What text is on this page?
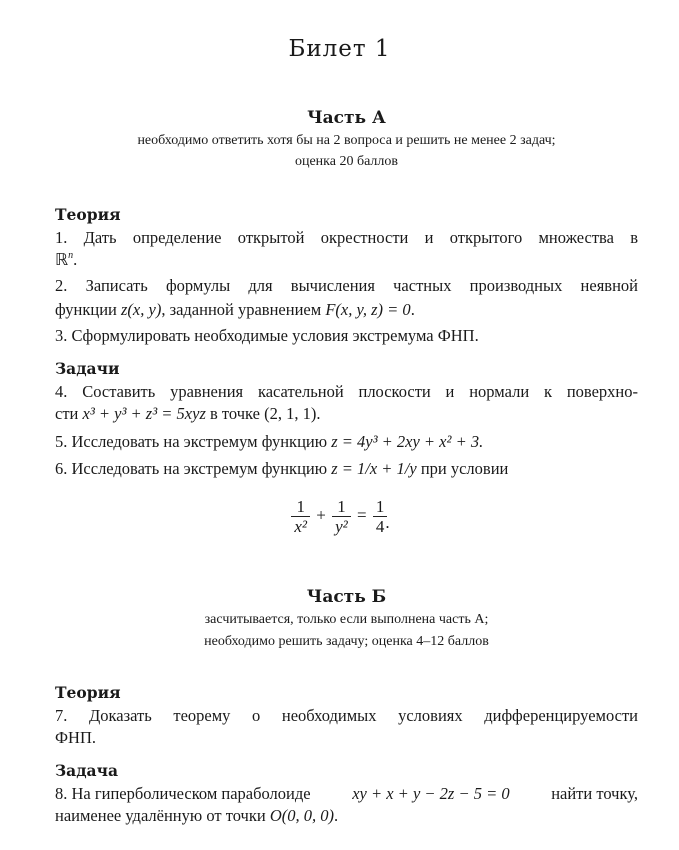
Билет 1
Часть А
необходимо ответить хотя бы на 2 вопроса и решить не менее 2 задач;
оценка 20 баллов
Теория
1. Дать определение открытой окрестности и открытого множества в
ℝ$^n$.
2. Записать формулы для вычисления частных производных неявной
функции z(x, y), заданной уравнением F(x, y, z) = 0.
3. Сформулировать необходимые условия экстремума ФНП.
Задачи
4. Составить уравнения касательной плоскости и нормали к поверхно-
сти x³ + y³ + z³ = 5xyz в точке (2, 1, 1).
5. Исследовать на экстремум функцию z = 4y³ + 2xy + x² + 3.
6. Исследовать на экстремум функцию z = 1/x + 1/y при условии
$\frac{1}{\text{x²}} + \frac{1}{\text{y²}} = \frac{1}{4}$
.
Часть Б
засчитывается, только если выполнена часть А;
необходимо решить задачу; оценка 4–12 баллов
Теория
7. Доказать теорему о необходимых условиях дифференцируемости
ФНП.
Задача
8. На гиперболическом параболоиде	xy + x + y − 2z − 5 = 0	найти точку,
наименее удалённую от точки O(0, 0, 0).
